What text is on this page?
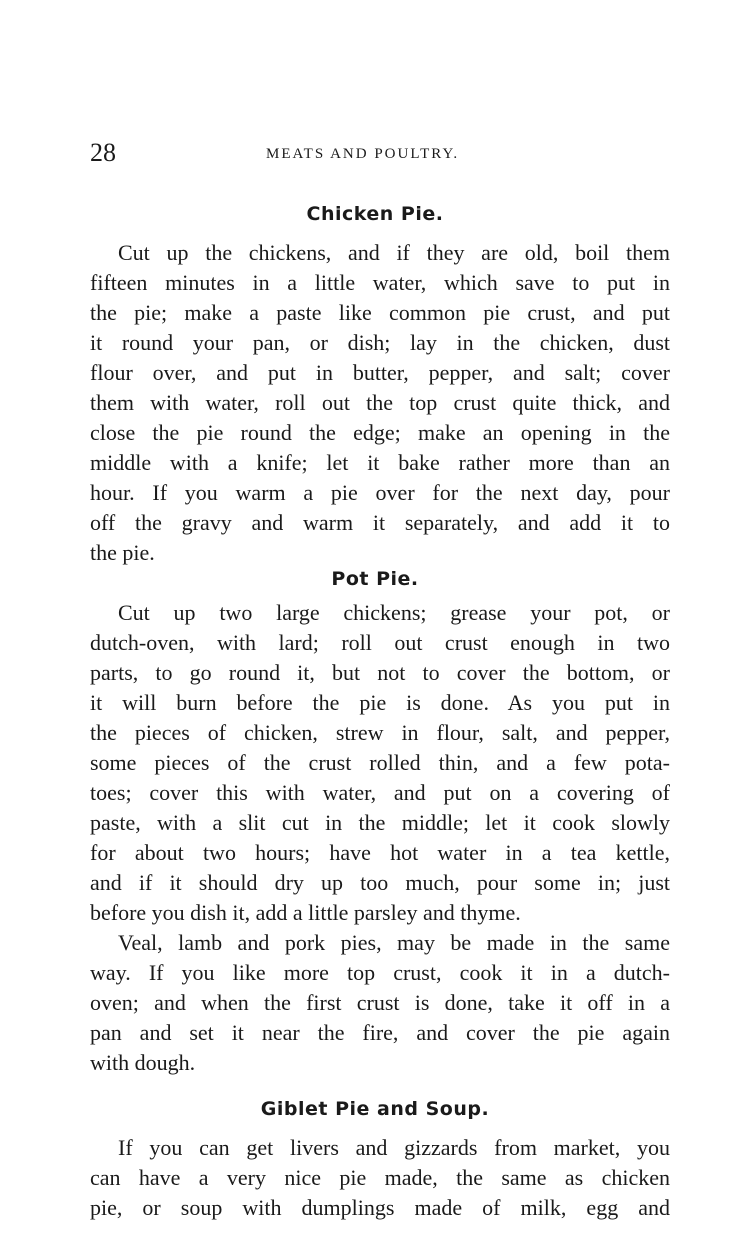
28	MEATS AND POULTRY.
Chicken Pie.
Cut up the chickens, and if they are old, boil them
fifteen minutes in a little water, which save to put in
the pie; make a paste like common pie crust, and put
it round your pan, or dish; lay in the chicken, dust
flour over, and put in butter, pepper, and salt; cover
them with water, roll out the top crust quite thick, and
close the pie round the edge; make an opening in the
middle with a knife; let it bake rather more than an
hour. If you warm a pie over for the next day, pour
off the gravy and warm it separately, and add it to
the pie.
Pot Pie.
Cut up two large chickens; grease your pot, or
dutch-oven, with lard; roll out crust enough in two
parts, to go round it, but not to cover the bottom, or
it will burn before the pie is done. As you put in
the pieces of chicken, strew in flour, salt, and pepper,
some pieces of the crust rolled thin, and a few pota-
toes; cover this with water, and put on a covering of
paste, with a slit cut in the middle; let it cook slowly
for about two hours; have hot water in a tea kettle,
and if it should dry up too much, pour some in; just
before you dish it, add a little parsley and thyme.
Veal, lamb and pork pies, may be made in the same
way. If you like more top crust, cook it in a dutch-
oven; and when the first crust is done, take it off in a
pan and set it near the fire, and cover the pie again
with dough.
Giblet Pie and Soup.
If you can get livers and gizzards from market, you
can have a very nice pie made, the same as chicken
pie, or soup with dumplings made of milk, egg and
